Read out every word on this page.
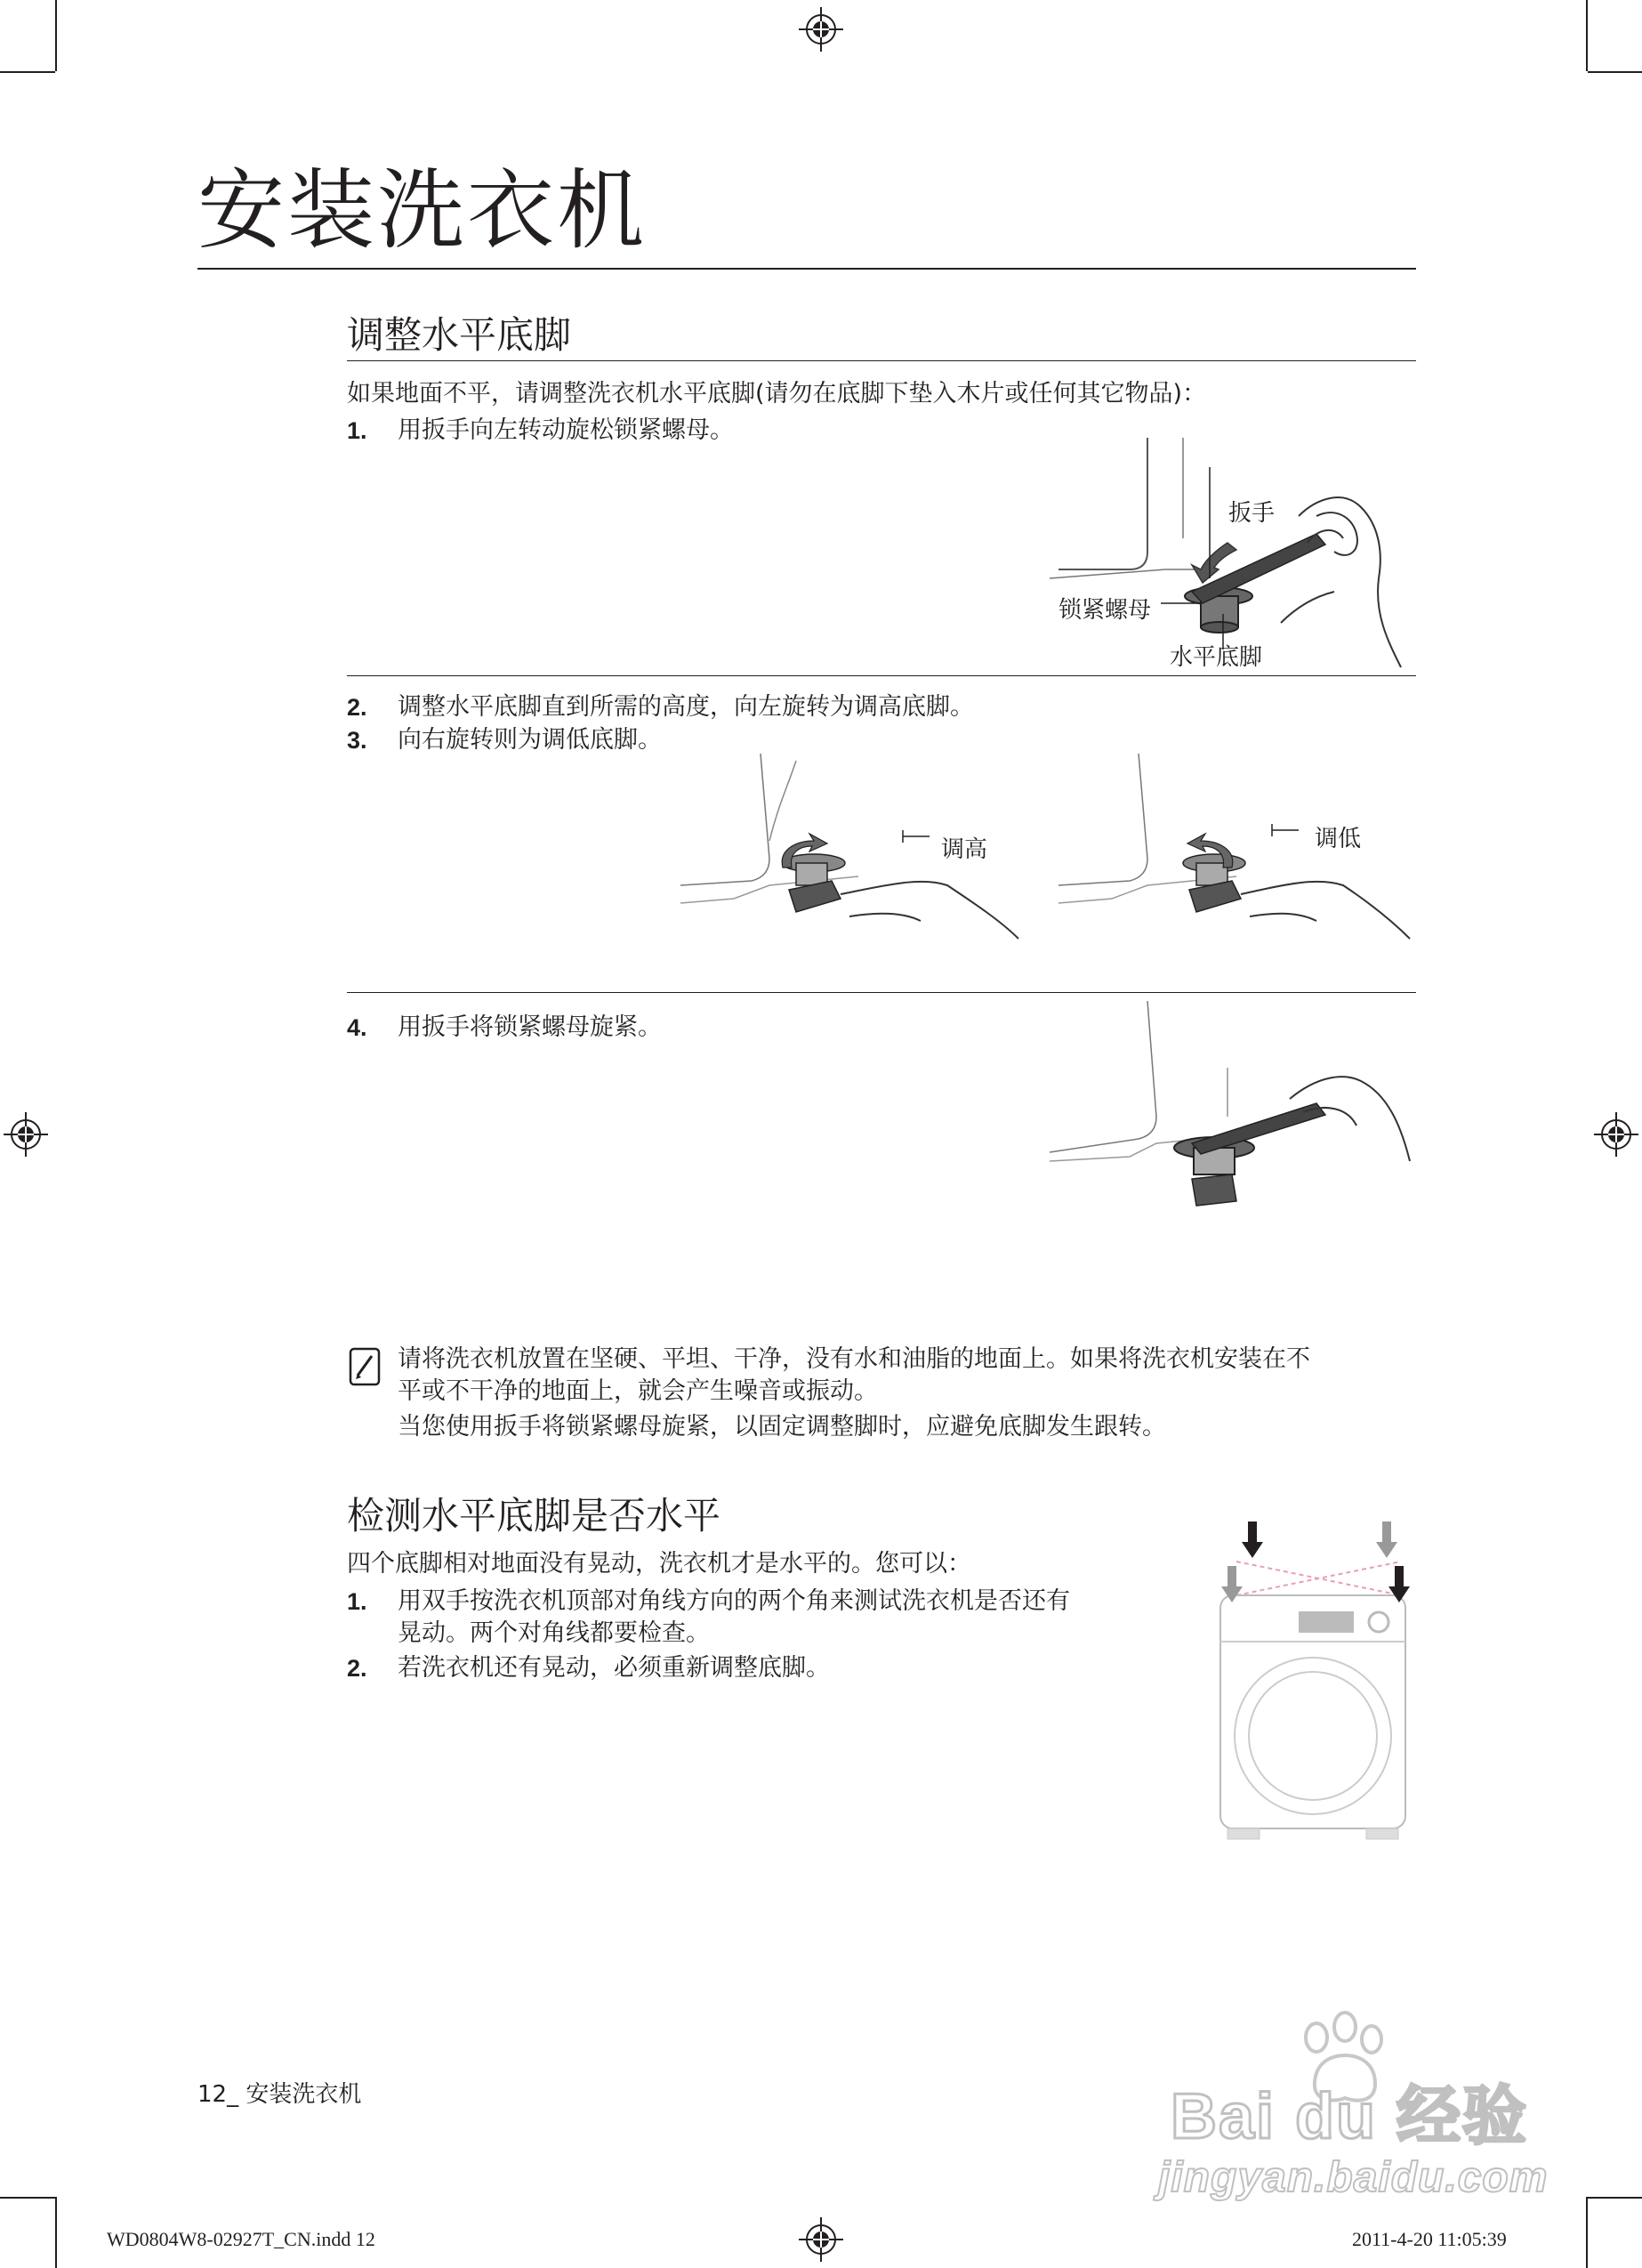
安装洗衣机
调整水平底脚
如果地面不平，请调整洗衣机水平底脚(请勿在底脚下垫入木片或任何其它物品)：
1. 用扳手向左转动旋松锁紧螺母。
扳手
锁紧螺母
水平底脚
2. 调整水平底脚直到所需的高度，向左旋转为调高底脚。
3. 向右旋转则为调低底脚。
调高	调低
4. 用扳手将锁紧螺母旋紧。
请将洗衣机放置在坚硬、平坦、干净，没有水和油脂的地面上。如果将洗衣机安装在不
平或不干净的地面上，就会产生噪音或振动。
当您使用扳手将锁紧螺母旋紧，以固定调整脚时，应避免底脚发生跟转。
检测水平底脚是否水平
四个底脚相对地面没有晃动，洗衣机才是水平的。您可以：
1. 用双手按洗衣机顶部对角线方向的两个角来测试洗衣机是否还有
晃动。两个对角线都要检查。
2. 若洗衣机还有晃动，必须重新调整底脚。
12_ 安装洗衣机
WD0804W8-02927T_CN.indd 12	2011-4-20 11:05:39
Bai du 经验
jingyan.baidu.com
